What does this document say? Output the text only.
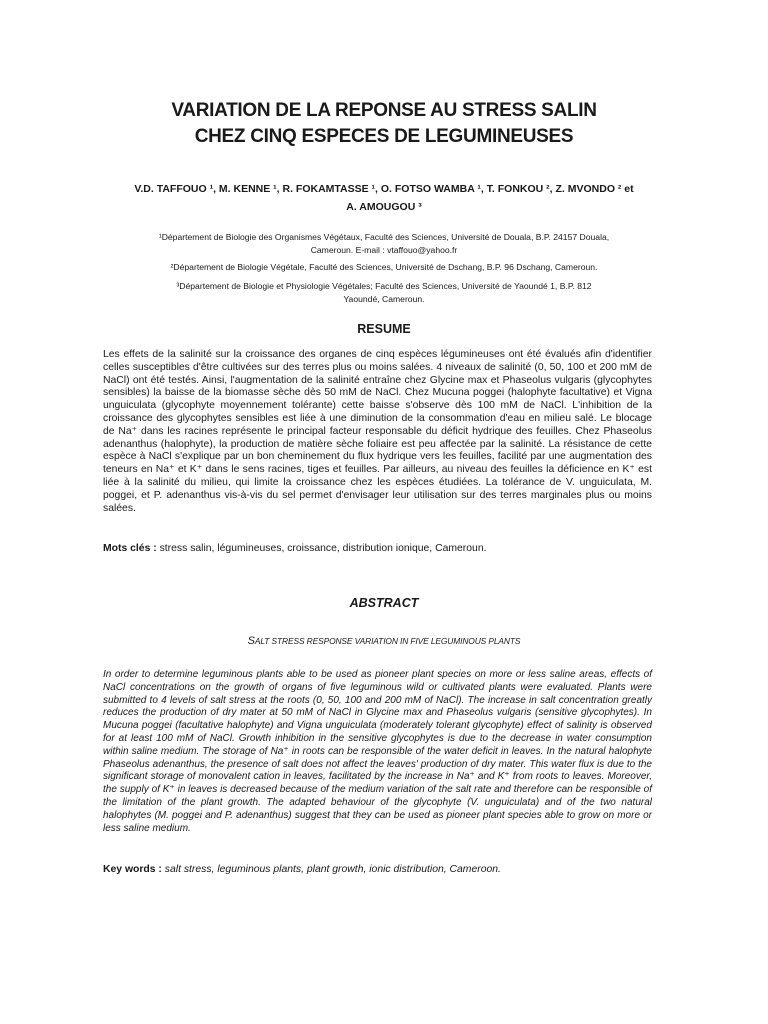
VARIATION DE LA REPONSE AU STRESS SALIN
CHEZ CINQ ESPECES DE LEGUMINEUSES
V.D. TAFFOUO ¹, M. KENNE ¹, R. FOKAMTASSE ¹, O. FOTSO WAMBA ¹, T. FONKOU ², Z. MVONDO ² et
A. AMOUGOU ³
¹Département de Biologie des Organismes Végétaux, Faculté des Sciences, Université de Douala, B.P. 24157 Douala,
Cameroun. E-mail : vtaffouo@yahoo.fr
²Département de Biologie Végétale, Faculté des Sciences, Université de Dschang, B.P. 96 Dschang, Cameroun.
³Département de Biologie et Physiologie Végétales; Faculté des Sciences, Université de Yaoundé 1, B.P. 812
Yaoundé, Cameroun.
RESUME
Les effets de la salinité sur la croissance des organes de cinq espèces légumineuses ont été évalués afin d'identifier celles susceptibles d'être cultivées sur des terres plus ou moins salées. 4 niveaux de salinité (0, 50, 100 et 200 mM de NaCl) ont été testés. Ainsi, l'augmentation de la salinité entraîne chez Glycine max et Phaseolus vulgaris (glycophytes sensibles) la baisse de la biomasse sèche dès 50 mM de NaCl. Chez Mucuna poggei (halophyte facultative) et Vigna unguiculata (glycophyte moyennement tolérante) cette baisse s'observe dès 100 mM de NaCl. L'inhibition de la croissance des glycophytes sensibles est liée à une diminution de la consommation d'eau en milieu salé. Le blocage de Na⁺ dans les racines représente le principal facteur responsable du déficit hydrique des feuilles. Chez Phaseolus adenanthus (halophyte), la production de matière sèche foliaire est peu affectée par la salinité. La résistance de cette espèce à NaCl s'explique par un bon cheminement du flux hydrique vers les feuilles, facilité par une augmentation des teneurs en Na⁺ et K⁺ dans le sens racines, tiges et feuilles. Par ailleurs, au niveau des feuilles la déficience en K⁺ est liée à la salinité du milieu, qui limite la croissance chez les espèces étudiées. La tolérance de V. unguiculata, M. poggei, et P. adenanthus vis-à-vis du sel permet d'envisager leur utilisation sur des terres marginales plus ou moins salées.
Mots clés : stress salin, légumineuses, croissance, distribution ionique, Cameroun.
ABSTRACT
SALT STRESS RESPONSE VARIATION IN FIVE LEGUMINOUS PLANTS
In order to determine leguminous plants able to be used as pioneer plant species on more or less saline areas, effects of NaCl concentrations on the growth of organs of five leguminous wild or cultivated plants were evaluated. Plants were submitted to 4 levels of salt stress at the roots (0, 50, 100 and 200 mM of NaCl). The increase in salt concentration greatly reduces the production of dry mater at 50 mM of NaCl in Glycine max and Phaseolus vulgaris (sensitive glycophytes). In Mucuna poggei (facultative halophyte) and Vigna unguiculata (moderately tolerant glycophyte) effect of salinity is observed for at least 100 mM of NaCl. Growth inhibition in the sensitive glycophytes is due to the decrease in water consumption within saline medium. The storage of Na⁺ in roots can be responsible of the water deficit in leaves. In the natural halophyte Phaseolus adenanthus, the presence of salt does not affect the leaves' production of dry mater. This water flux is due to the significant storage of monovalent cation in leaves, facilitated by the increase in Na⁺ and K⁺ from roots to leaves. Moreover, the supply of K⁺ in leaves is decreased because of the medium variation of the salt rate and therefore can be responsible of the limitation of the plant growth. The adapted behaviour of the glycophyte (V. unguiculata) and of the two natural halophytes (M. poggei and P. adenanthus) suggest that they can be used as pioneer plant species able to grow on more or less saline medium.
Key words : salt stress, leguminous plants, plant growth, ionic distribution, Cameroon.
